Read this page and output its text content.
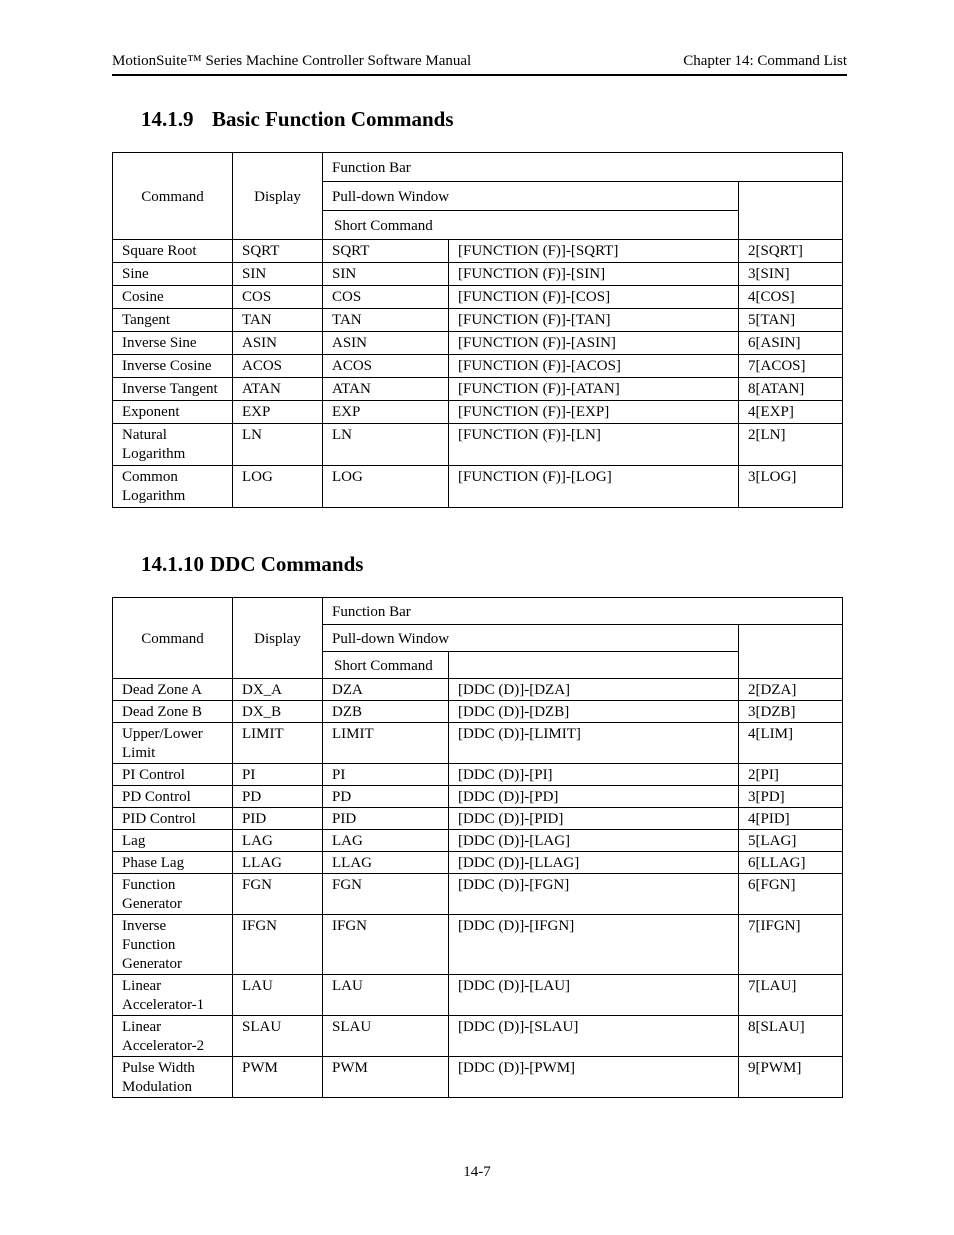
MotionSuite™ Series Machine Controller Software Manual	Chapter 14: Command List
14.1.9 Basic Function Commands
Command	Display	Function Bar		
		Pull-down Window		
		Short Command		
Square Root	SQRT	SQRT	[FUNCTION (F)]-[SQRT]	2[SQRT]
Sine	SIN	SIN	[FUNCTION (F)]-[SIN]	3[SIN]
Cosine	COS	COS	[FUNCTION (F)]-[COS]	4[COS]
Tangent	TAN	TAN	[FUNCTION (F)]-[TAN]	5[TAN]
Inverse Sine	ASIN	ASIN	[FUNCTION (F)]-[ASIN]	6[ASIN]
Inverse Cosine	ACOS	ACOS	[FUNCTION (F)]-[ACOS]	7[ACOS]
Inverse Tangent	ATAN	ATAN	[FUNCTION (F)]-[ATAN]	8[ATAN]
Exponent	EXP	EXP	[FUNCTION (F)]-[EXP]	4[EXP]
Natural Logarithm	LN	LN	[FUNCTION (F)]-[LN]	2[LN]
Common Logarithm	LOG	LOG	[FUNCTION (F)]-[LOG]	3[LOG]
14.1.10 DDC Commands
Command	Display	Function Bar		
		Pull-down Window		
		Short Command		
Dead Zone A	DX_A	DZA	[DDC (D)]-[DZA]	2[DZA]
Dead Zone B	DX_B	DZB	[DDC (D)]-[DZB]	3[DZB]
Upper/Lower Limit	LIMIT	LIMIT	[DDC (D)]-[LIMIT]	4[LIM]
PI Control	PI	PI	[DDC (D)]-[PI]	2[PI]
PD Control	PD	PD	[DDC (D)]-[PD]	3[PD]
PID Control	PID	PID	[DDC (D)]-[PID]	4[PID]
Lag	LAG	LAG	[DDC (D)]-[LAG]	5[LAG]
Phase Lag	LLAG	LLAG	[DDC (D)]-[LLAG]	6[LLAG]
Function Generator	FGN	FGN	[DDC (D)]-[FGN]	6[FGN]
Inverse Function Generator	IFGN	IFGN	[DDC (D)]-[IFGN]	7[IFGN]
Linear Accelerator-1	LAU	LAU	[DDC (D)]-[LAU]	7[LAU]
Linear Accelerator-2	SLAU	SLAU	[DDC (D)]-[SLAU]	8[SLAU]
Pulse Width Modulation	PWM	PWM	[DDC (D)]-[PWM]	9[PWM]
14-7
